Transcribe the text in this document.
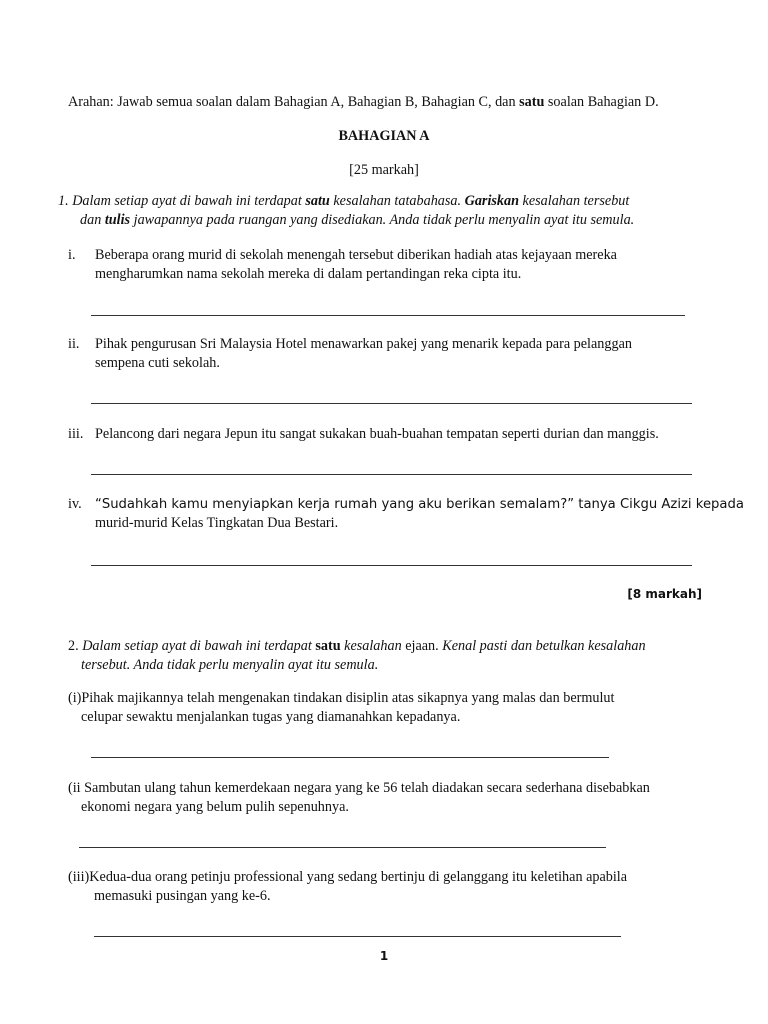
Arahan: Jawab semua soalan dalam Bahagian A, Bahagian B, Bahagian C, dan satu soalan Bahagian D.
BAHAGIAN A
[25 markah]
1. Dalam setiap ayat di bawah ini terdapat satu kesalahan tatabahasa. Gariskan kesalahan tersebut
dan tulis jawapannya pada ruangan yang disediakan. Anda tidak perlu menyalin ayat itu semula.
i. Beberapa orang murid di sekolah menengah tersebut diberikan hadiah atas kejayaan mereka
mengharumkan nama sekolah mereka di dalam pertandingan reka cipta itu.
ii. Pihak pengurusan Sri Malaysia Hotel menawarkan pakej yang menarik kepada para pelanggan
sempena cuti sekolah.
iii. Pelancong dari negara Jepun itu sangat sukakan buah-buahan tempatan seperti durian dan manggis.
iv. “Sudahkah kamu menyiapkan kerja rumah yang aku berikan semalam?” tanya Cikgu Azizi kepada
murid-murid Kelas Tingkatan Dua Bestari.
[8 markah]
2. Dalam setiap ayat di bawah ini terdapat satu kesalahan ejaan. Kenal pasti dan betulkan kesalahan
tersebut. Anda tidak perlu menyalin ayat itu semula.
(i)Pihak majikannya telah mengenakan tindakan disiplin atas sikapnya yang malas dan bermulut
celupar sewaktu menjalankan tugas yang diamanahkan kepadanya.
(ii Sambutan ulang tahun kemerdekaan negara yang ke 56 telah diadakan secara sederhana disebabkan
ekonomi negara yang belum pulih sepenuhnya.
(iii)Kedua-dua orang petinju professional yang sedang bertinju di gelanggang itu keletihan apabila
memasuki pusingan yang ke-6.
1
